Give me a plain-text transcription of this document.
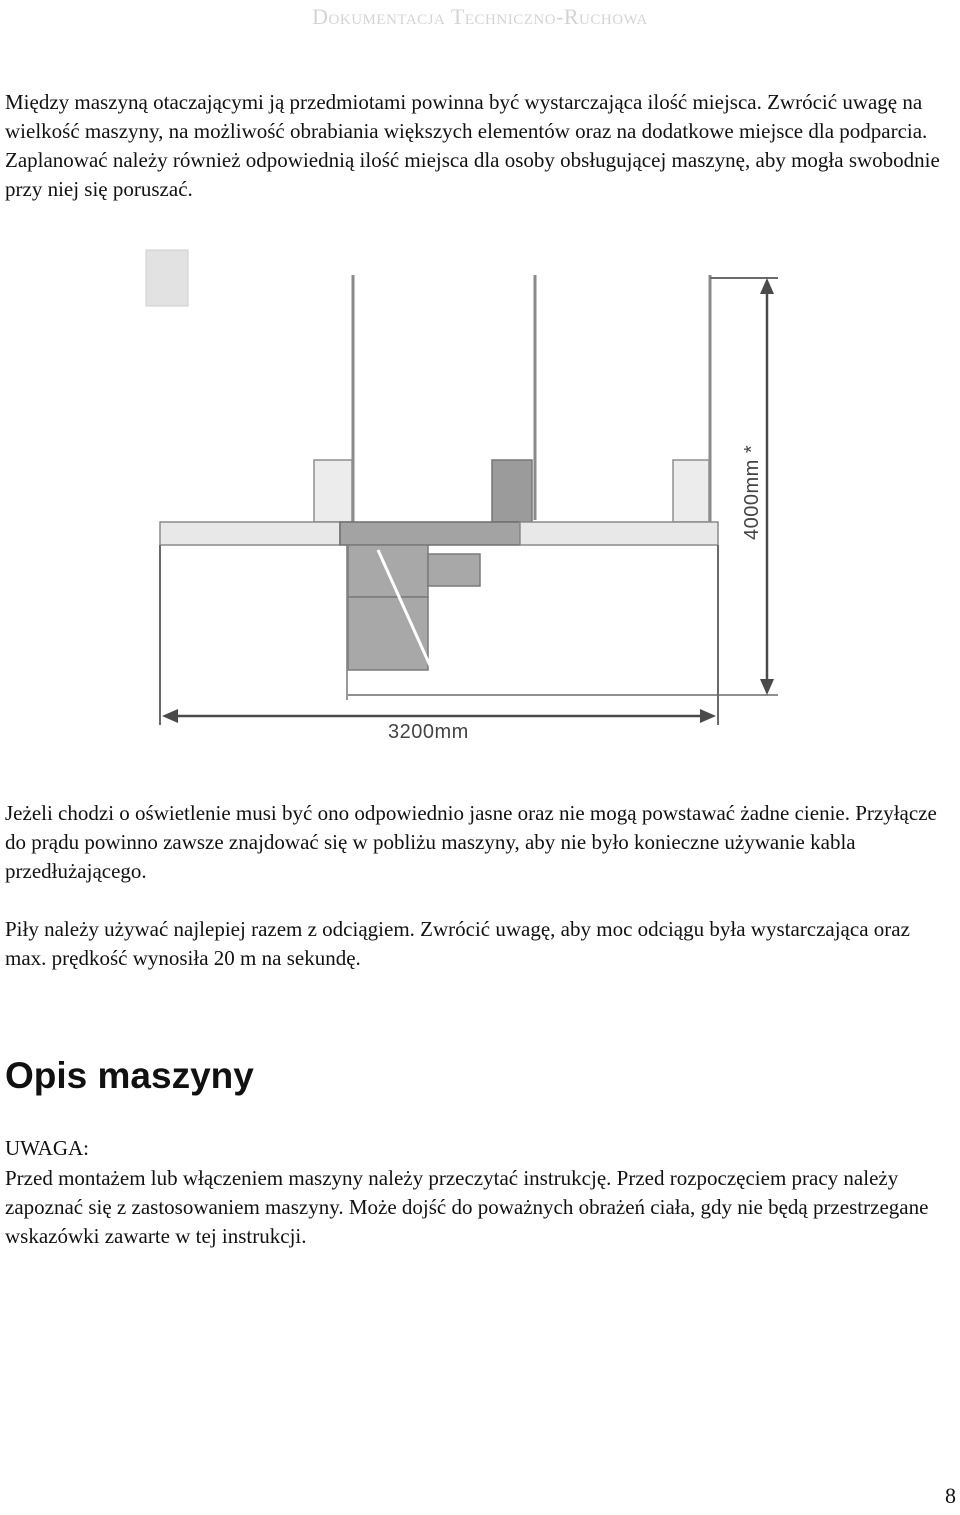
Dokumentacja Techniczno-Ruchowa

Między maszyną otaczającymi ją przedmiotami powinna być wystarczająca ilość miejsca. Zwrócić uwagę na wielkość maszyny, na możliwość obrabiania większych elementów oraz na dodatkowe miejsce dla podparcia. Zaplanować należy również odpowiednią ilość miejsca dla osoby obsługującej maszynę, aby mogła swobodnie przy niej się poruszać.

3200mm
4000mm *

Jeżeli chodzi o oświetlenie musi być ono odpowiednio jasne oraz nie mogą powstawać żadne cienie. Przyłącze do prądu powinno zawsze znajdować się w pobliżu maszyny, aby nie było konieczne używanie kabla przedłużającego.

Piły należy używać najlepiej razem z odciągiem. Zwrócić uwagę, aby moc odciągu była wystarczająca oraz max. prędkość wynosiła 20 m na sekundę.

Opis maszyny

UWAGA:

Przed montażem lub włączeniem maszyny należy przeczytać instrukcję. Przed rozpoczęciem pracy należy zapoznać się z zastosowaniem maszyny. Może dojść do poważnych obrażeń ciała, gdy nie będą przestrzegane wskazówki zawarte w tej instrukcji.

8
